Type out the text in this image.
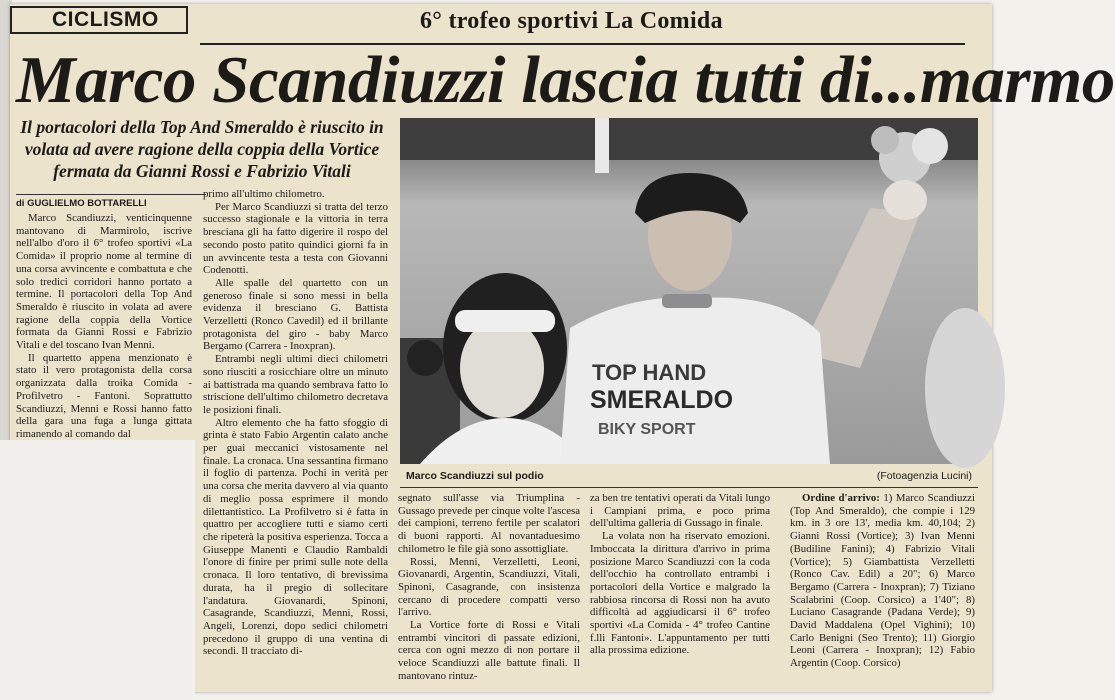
CICLISMO	6° trofeo sportivi La Comida
Marco Scandiuzzi lascia tutti di...marmo
Il portacolori della Top And Smeraldo è riuscito in volata ad avere ragione della coppia della Vortice fermata da Gianni Rossi e Fabrizio Vitali
di GUGLIELMO BOTTARELLI

Marco Scandiuzzi, venticinquenne mantovano di Marmirolo, iscrive nell'albo d'oro il 6° trofeo sportivi «La Comida» il proprio nome al termine di una corsa avvincente e combattuta e che solo tredici corridori hanno portato a termine. Il portacolori della Top And Smeraldo è riuscito in volata ad avere ragione della coppia della Vortice formata da Gianni Rossi e Fabrizio Vitali e del toscano Ivan Menni.

Il quartetto appena menzionato è stato il vero protagonista della corsa organizzata dalla troika Comida - Profilvetro - Fantoni. Soprattutto Scandiuzzi, Menni e Rossi hanno fatto della gara una fuga a lunga gittata rimanendo al comando dal

primo all'ultimo chilometro.

Per Marco Scandiuzzi si tratta del terzo successo stagionale e la vittoria in terra bresciana gli ha fatto digerire il rospo del secondo posto patito quindici giorni fa in un avvincente testa a testa con Giovanni Codenotti.

Alle spalle del quartetto con un generoso finale si sono messi in bella evidenza il bresciano G. Battista Verzelletti (Ronco Cavedil) ed il brillante protagonista del giro - baby Marco Bergamo (Carrera - Inoxpran).

Entrambi negli ultimi dieci chilometri sono riusciti a rosicchiare oltre un minuto ai battistrada ma quando sembrava fatto lo striscione dell'ultimo chilometro decretava le posizioni finali.

Altro elemento che ha fatto sfoggio di grinta è stato Fabio Argentin calato anche per guai meccanici vistosamente nel finale. La cronaca. Una sessantina firmano il foglio di partenza. Pochi in verità per una corsa che merita davvero al via quanto di meglio possa esprimere il mondo dilettantistico. La Profilvetro si è fatta in quattro per accogliere tutti e siamo certi che ripeterà la positiva esperienza. Tocca a Giuseppe Manenti e Claudio Rambaldi l'onore di finire per primi sulle note della cronaca. Il loro tentativo, di brevissima durata, ha il pregio di sollecitare l'andatura. Giovanardi, Spinoni, Casagrande, Scandiuzzi, Menni, Rossi, Angeli, Lorenzi, dopo sedici chilometri precedono il gruppo di una ventina di secondi. Il tracciato di-

TOP HAND
SMERALDO
BIKY SPORT
Marco Scandiuzzi sul podio	(Fotoagenzia Lucini)

segnato sull'asse via Triumplina - Gussago prevede per cinque volte l'ascesa dei campioni, terreno fertile per scalatori di buoni rapporti. Al novantaduesimo chilometro le file già sono assottigliate.

Rossi, Menni, Verzelletti, Leoni, Giovanardi, Argentin, Scandiuzzi, Vitali, Spinoni, Casagrande, con insistenza cercano di procedere compatti verso l'arrivo.

La Vortice forte di Rossi e Vitali entrambi vincitori di passate edizioni, cerca con ogni mezzo di non portare il veloce Scandiuzzi alle battute finali. Il mantovano rintuz-

za ben tre tentativi operati da Vitali lungo i Campiani prima, e poco prima dell'ultima galleria di Gussago in finale.

La volata non ha riservato emozioni. Imboccata la dirittura d'arrivo in prima posizione Marco Scandiuzzi con la coda dell'occhio ha controllato entrambi i portacolori della Vortice e malgrado la rabbiosa rincorsa di Rossi non ha avuto difficoltà ad aggiudicarsi il 6° trofeo sportivi «La Comida - 4° trofeo Cantine f.lli Fantoni». L'appuntamento per tutti alla prossima edizione.

Ordine d'arrivo: 1) Marco Scandiuzzi (Top And Smeraldo), che compie i 129 km. in 3 ore 13', media km. 40,104; 2) Gianni Rossi (Vortice); 3) Ivan Menni (Budiline Fanini); 4) Fabrizio Vitali (Vortice); 5) Giambattista Verzelletti (Ronco Cav. Edil) a 20"; 6) Marco Bergamo (Carrera - Inoxpran); 7) Tiziano Scalabrini (Coop. Corsico) a 1'40"; 8) Luciano Casagrande (Padana Verde); 9) David Maddalena (Opel Vighini); 10) Carlo Benigni (Seo Trento); 11) Giorgio Leoni (Carrera - Inoxpran); 12) Fabio Argentin (Coop. Corsico)
